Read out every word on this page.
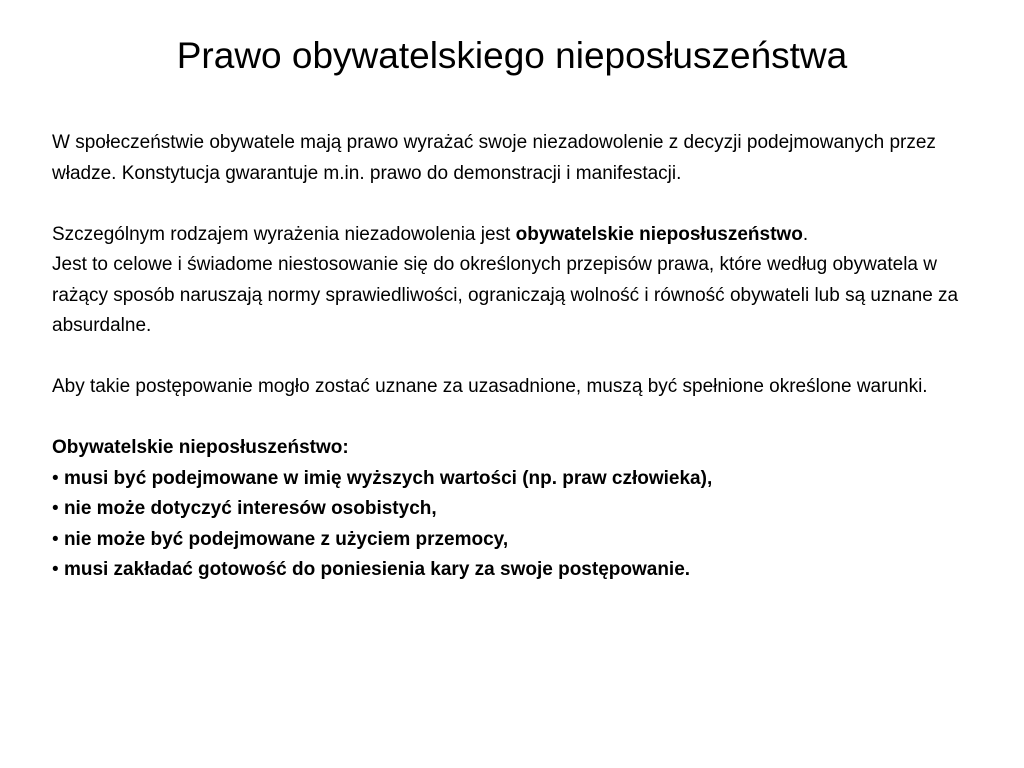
Prawo obywatelskiego nieposłuszeństwa

W społeczeństwie obywatele mają prawo wyrażać swoje niezadowolenie z decyzji podejmowanych przez władze. Konstytucja gwarantuje m.in. prawo do demonstracji i manifestacji.

Szczególnym rodzajem wyrażenia niezadowolenia jest obywatelskie nieposłuszeństwo.
Jest to celowe i świadome niestosowanie się do określonych przepisów prawa, które według obywatela w rażący sposób naruszają normy sprawiedliwości, ograniczają wolność i równość obywateli lub są uznane za absurdalne.

Aby takie postępowanie mogło zostać uznane za uzasadnione, muszą być spełnione określone warunki.

Obywatelskie nieposłuszeństwo:

• musi być podejmowane w imię wyższych wartości (np. praw człowieka),
• nie może dotyczyć interesów osobistych,
• nie może być podejmowane z użyciem przemocy,
• musi zakładać gotowość do poniesienia kary za swoje postępowanie.
